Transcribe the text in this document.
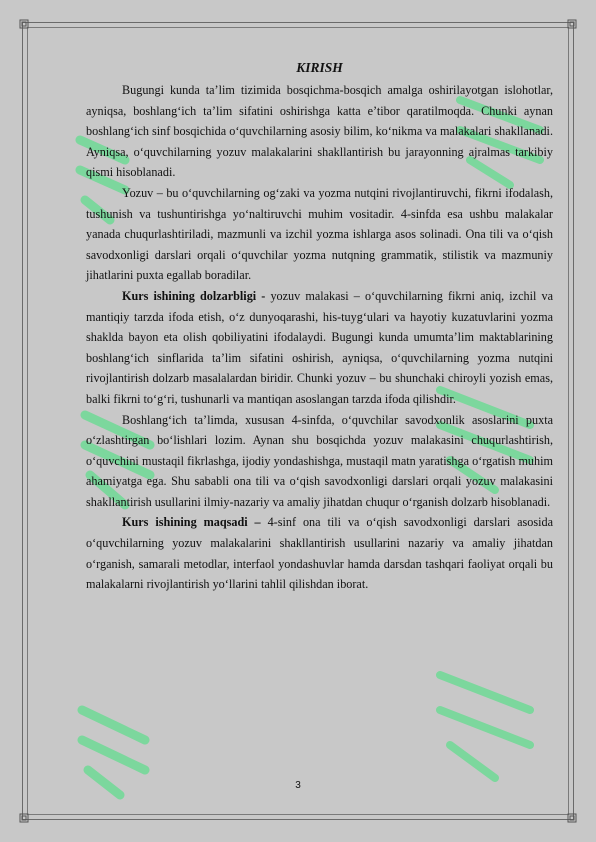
KIRISH

Bugungi kunda ta’lim tizimida bosqichma-bosqich amalga oshirilayotgan islohotlar, ayniqsa, boshlang‘ich ta’lim sifatini oshirishga katta e’tibor qaratilmoqda. Chunki aynan boshlang‘ich sinf bosqichida o‘quvchilarning asosiy bilim, ko‘nikma va malakalari shakllanadi. Ayniqsa, o‘quvchilarning yozuv malakalarini shakllantirish bu jarayonning ajralmas tarkibiy qismi hisoblanadi.

Yozuv – bu o‘quvchilarning og‘zaki va yozma nutqini rivojlantiruvchi, fikrni ifodalash, tushunish va tushuntirishga yo‘naltiruvchi muhim vositadir. 4-sinfda esa ushbu malakalar yanada chuqurlashtiriladi, mazmunli va izchil yozma ishlarga asos solinadi. Ona tili va o‘qish savodxonligi darslari orqali o‘quvchilar yozma nutqning grammatik, stilistik va mazmuniy jihatlarini puxta egallab boradilar.

Kurs ishining dolzarbligi - yozuv malakasi – o‘quvchilarning fikrni aniq, izchil va mantiqiy tarzda ifoda etish, o‘z dunyoqarashi, his-tuyg‘ulari va hayotiy kuzatuvlarini yozma shaklda bayon eta olish qobiliyatini ifodalaydi. Bugungi kunda umumta’lim maktablarining boshlang‘ich sinflarida ta’lim sifatini oshirish, ayniqsa, o‘quvchilarning yozma nutqini rivojlantirish dolzarb masalalardan biridir. Chunki yozuv – bu shunchaki chiroyli yozish emas, balki fikrni to‘g‘ri, tushunarli va mantiqan asoslangan tarzda ifoda qilishdir.

Boshlang‘ich ta’limda, xususan 4-sinfda, o‘quvchilar savodxonlik asoslarini puxta o‘zlashtirgan bo‘lishlari lozim. Aynan shu bosqichda yozuv malakasini chuqurlashtirish, o‘quvchini mustaqil fikrlashga, ijodiy yondashishga, mustaqil matn yaratishga o‘rgatish muhim ahamiyatga ega. Shu sababli ona tili va o‘qish savodxonligi darslari orqali yozuv malakasini shakllantirish usullarini ilmiy-nazariy va amaliy jihatdan chuqur o‘rganish dolzarb hisoblanadi.

Kurs ishining maqsadi – 4-sinf ona tili va o‘qish savodxonligi darslari asosida o‘quvchilarning yozuv malakalarini shakllantirish usullarini nazariy va amaliy jihatdan o‘rganish, samarali metodlar, interfaol yondashuvlar hamda darsdan tashqari faoliyat orqali bu malakalarni rivojlantirish yo‘llarini tahlil qilishdan iborat.

3
